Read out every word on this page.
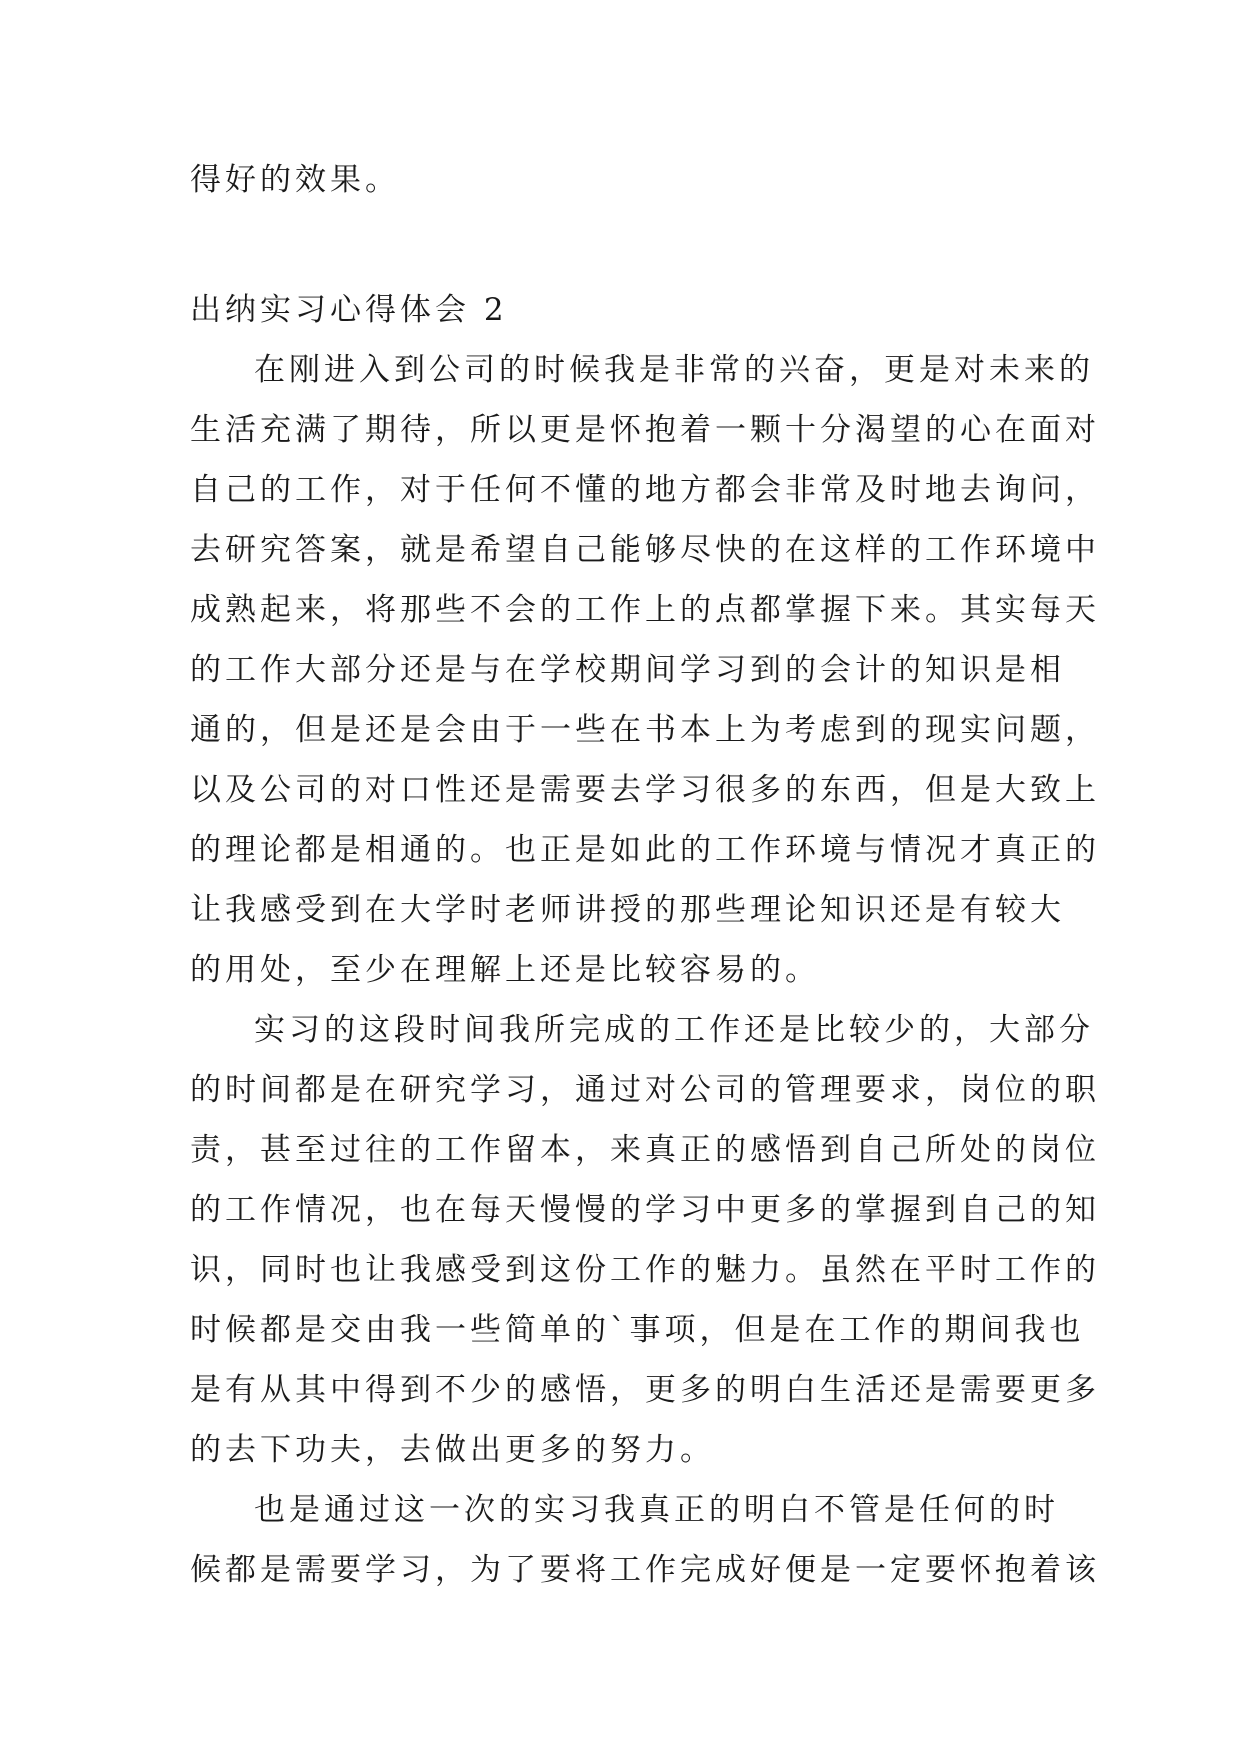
得好的效果。
出纳实习心得体会 2
在刚进入到公司的时候我是非常的兴奋，更是对未来的
生活充满了期待，所以更是怀抱着一颗十分渴望的心在面对
自己的工作，对于任何不懂的地方都会非常及时地去询问，
去研究答案，就是希望自己能够尽快的在这样的工作环境中
成熟起来，将那些不会的工作上的点都掌握下来。其实每天
的工作大部分还是与在学校期间学习到的会计的知识是相
通的，但是还是会由于一些在书本上为考虑到的现实问题，
以及公司的对口性还是需要去学习很多的东西，但是大致上
的理论都是相通的。也正是如此的工作环境与情况才真正的
让我感受到在大学时老师讲授的那些理论知识还是有较大
的用处，至少在理解上还是比较容易的。
实习的这段时间我所完成的工作还是比较少的，大部分
的时间都是在研究学习，通过对公司的管理要求，岗位的职
责，甚至过往的工作留本，来真正的感悟到自己所处的岗位
的工作情况，也在每天慢慢的学习中更多的掌握到自己的知
识，同时也让我感受到这份工作的魅力。虽然在平时工作的
时候都是交由我一些简单的`事项，但是在工作的期间我也
是有从其中得到不少的感悟，更多的明白生活还是需要更多
的去下功夫，去做出更多的努力。
也是通过这一次的实习我真正的明白不管是任何的时
候都是需要学习，为了要将工作完成好便是一定要怀抱着该
